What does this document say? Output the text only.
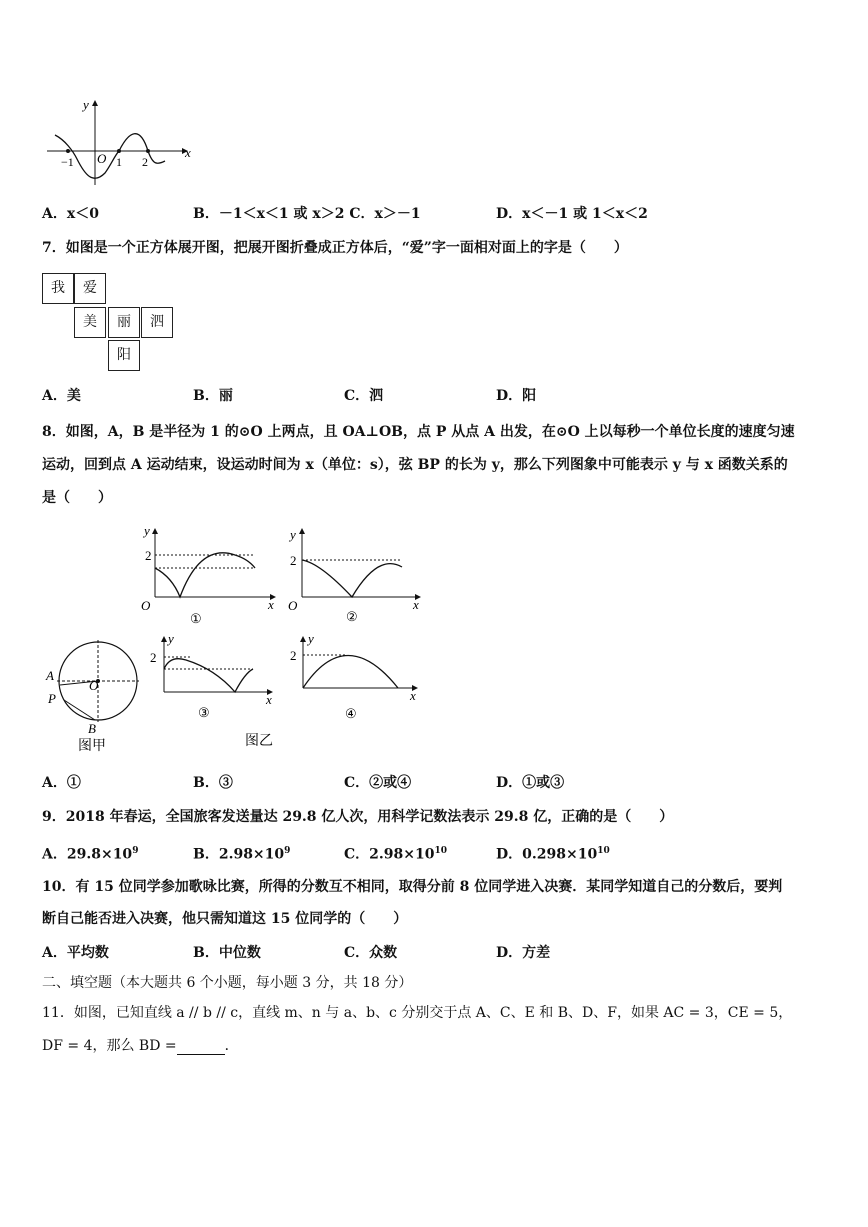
y
x
O
−1	1 2
A．x＜0	B．－1＜x＜1 或 x＞2 C．x＞－1	D．x＜－1 或 1＜x＜2
7．如图是一个正方体展开图，把展开图折叠成正方体后，“爱”字一面相对面上的字是（　　）
我	爱
美	丽	泗
阳
A．美	B．丽	C．泗	D．阳
8．如图，A，B 是半径为 1 的⊙O 上两点，且 OA⊥OB，点 P 从点 A 出发，在⊙O 上以每秒一个单位长度的速度匀速
运动，回到点 A 运动结束，设运动时间为 x（单位：s），弦 BP 的长为 y，那么下列图象中可能表示 y 与 x 函数关系的
是（　　）
y
x
O
2
①
y
x
O
2
②
A
P
O
B
图甲
y
x
2
③
y
x
2
④
图乙
A．①	B．③	C．②或④	D．①或③
9．2018 年春运，全国旅客发送量达 29.8 亿人次，用科学记数法表示 29.8 亿，正确的是（　　）
A．$29.8\times 10^9$	B．$2.98\times 10^9$	C．$2.98\times 10^{10}$	D．$0.298\times 10^{10}$
10．有 15 位同学参加歌咏比赛，所得的分数互不相同，取得分前 8 位同学进入决赛．某同学知道自己的分数后，要判
断自己能否进入决赛，他只需知道这 15 位同学的（　　）
A．平均数	B．中位数	C．众数	D．方差
二、填空题（本大题共 6 个小题，每小题 3 分，共 18 分）
11．如图，已知直线 a // b // c，直线 m、n 与 a、b、c 分别交于点 A、C、E 和 B、D、F，如果 AC = 3，CE = 5，
DF = 4，那么 BD =	．
